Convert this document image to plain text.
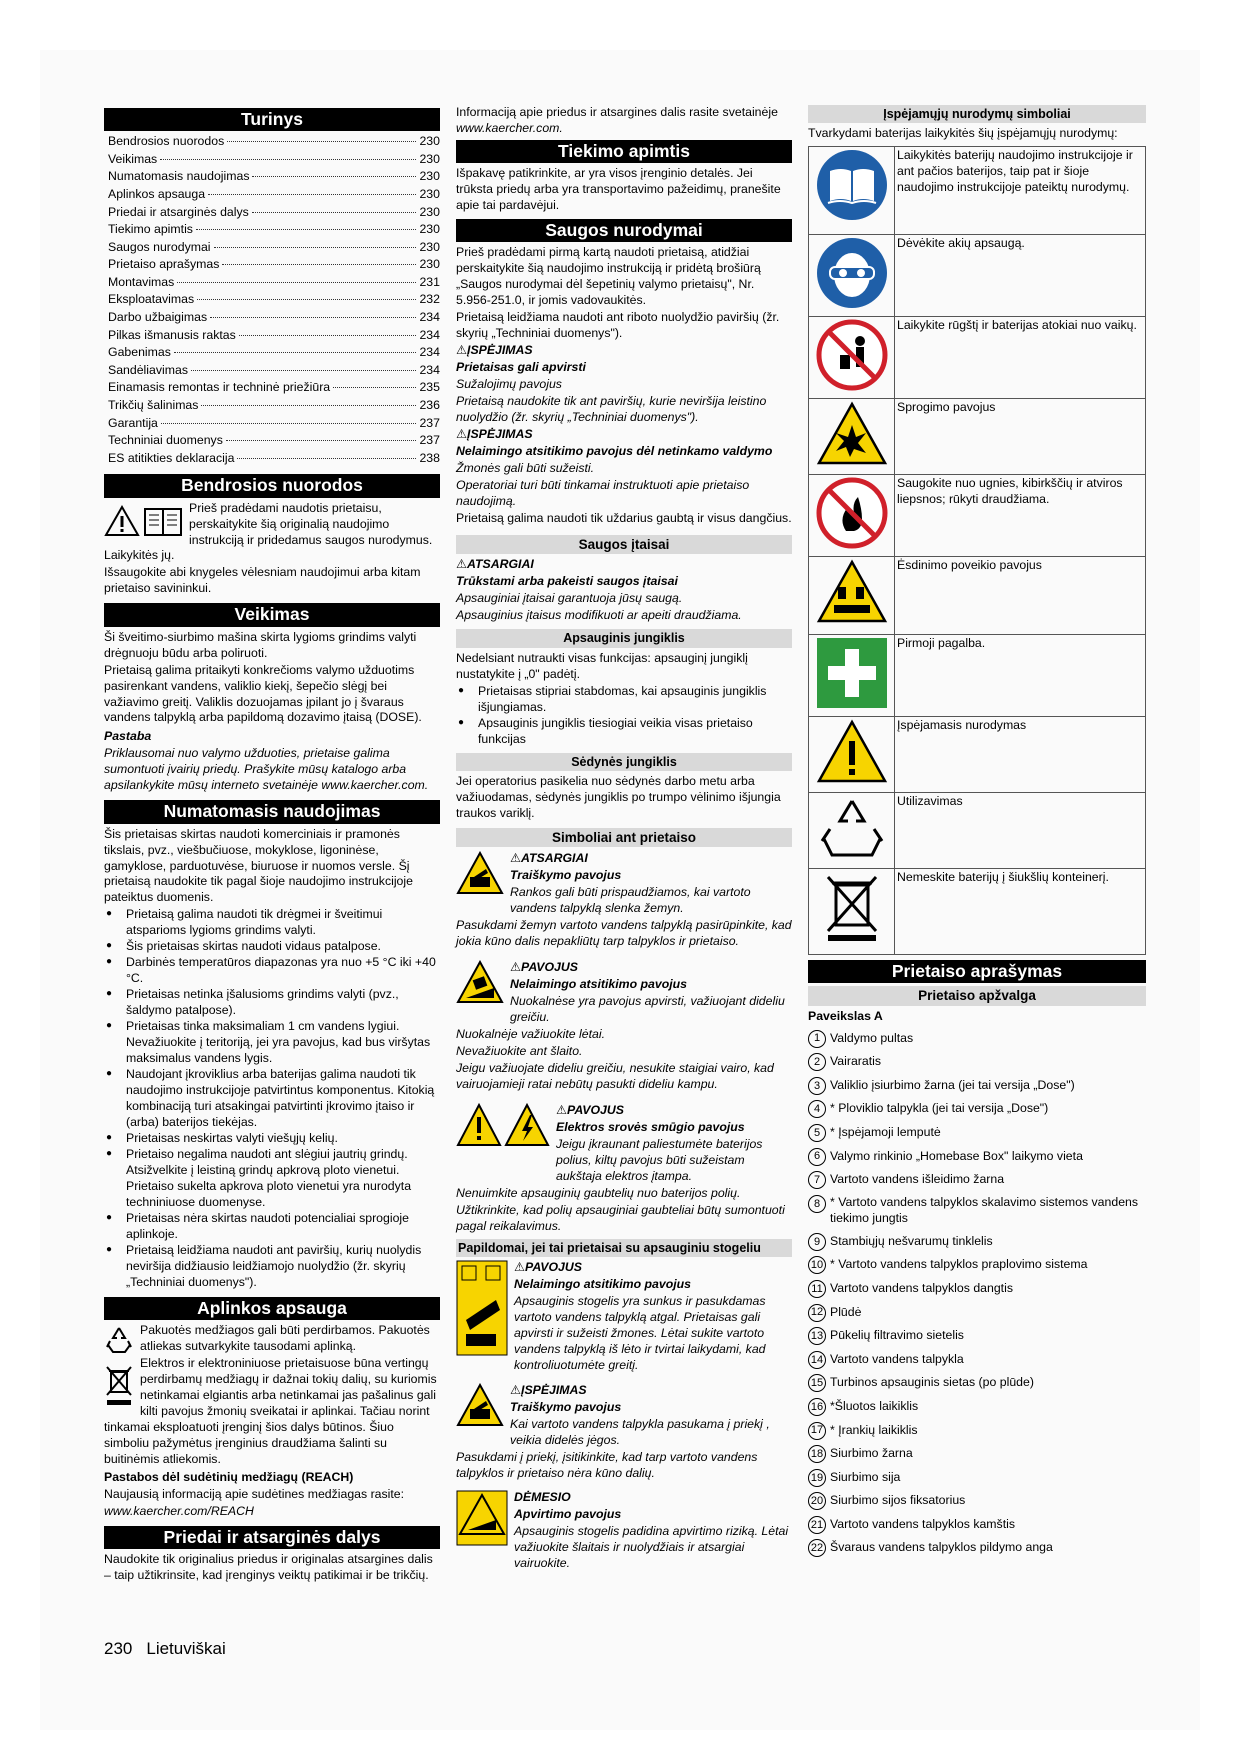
Turinys
Bendrosios nuorodos	230
Veikimas	230
Numatomasis naudojimas	230
Aplinkos apsauga	230
Priedai ir atsarginės dalys	230
Tiekimo apimtis	230
Saugos nurodymai	230
Prietaiso aprašymas	230
Montavimas	231
Eksploatavimas	232
Darbo užbaigimas	234
Pilkas išmanusis raktas	234
Gabenimas	234
Sandėliavimas	234
Einamasis remontas ir techninė priežiūra	235
Trikčių šalinimas	236
Garantija	237
Techniniai duomenys	237
ES atitikties deklaracija	238
Bendrosios nuorodos

Prieš pradėdami naudotis prietaisu, perskaitykite šią originalią naudojimo instrukciją ir pridedamus saugos nurodymus. Laikykitės jų.

Išsaugokite abi knygeles vėlesniam naudojimui arba kitam prietaiso savininkui.

Veikimas

Ši šveitimo-siurbimo mašina skirta lygioms grindims valyti drėgnuoju būdu arba poliruoti.

Prietaisą galima pritaikyti konkrečioms valymo užduotims pasirenkant vandens, valiklio kiekį, šepečio slėgį bei važiavimo greitį. Valiklis dozuojamas įpilant jo į švaraus vandens talpyklą arba papildomą dozavimo įtaisą (DOSE).

Pastaba

Priklausomai nuo valymo užduoties, prietaise galima sumontuoti įvairių priedų. Prašykite mūsų katalogo arba apsilankykite mūsų interneto svetainėje www.kaercher.com.

Numatomasis naudojimas

Šis prietaisas skirtas naudoti komerciniais ir pramonės tikslais, pvz., viešbučiuose, mokyklose, ligoninėse, gamyklose, parduotuvėse, biuruose ir nuomos versle. Šį prietaisą naudokite tik pagal šioje naudojimo instrukcijoje pateiktus duomenis.

● Prietaisą galima naudoti tik drėgmei ir šveitimui atsparioms lygioms grindims valyti.
● Šis prietaisas skirtas naudoti vidaus patalpose.
● Darbinės temperatūros diapazonas yra nuo +5 °C iki +40 °C.
● Prietaisas netinka įšalusioms grindims valyti (pvz., šaldymo patalpose).
● Prietaisas tinka maksimaliam 1 cm vandens lygiui. Nevažiuokite į teritoriją, jei yra pavojus, kad bus viršytas maksimalus vandens lygis.
● Naudojant įkroviklius arba baterijas galima naudoti tik naudojimo instrukcijoje patvirtintus komponentus. Kitokią kombinaciją turi atsakingai patvirtinti įkrovimo įtaiso ir (arba) baterijos tiekėjas.
● Prietaisas neskirtas valyti viešųjų kelių.
● Prietaiso negalima naudoti ant slėgiui jautrių grindų. Atsižvelkite į leistiną grindų apkrovą ploto vienetui. Prietaiso sukelta apkrova ploto vienetui yra nurodyta techniniuose duomenyse.
● Prietaisas nėra skirtas naudoti potencialiai sprogioje aplinkoje.
● Prietaisą leidžiama naudoti ant paviršių, kurių nuolydis neviršija didžiausio leidžiamojo nuolydžio (žr. skyrių „Techniniai duomenys").
Aplinkos apsauga

Pakuotės medžiagos gali būti perdirbamos. Pakuotės atliekas sutvarkykite tausodami aplinką.

Elektros ir elektroniniuose prietaisuose būna vertingų perdirbamų medžiagų ir dažnai tokių dalių, su kuriomis netinkamai elgiantis arba netinkamai jas pašalinus gali kilti pavojus žmonių sveikatai ir aplinkai. Tačiau norint tinkamai eksploatuoti įrenginį šios dalys būtinos. Šiuo simboliu pažymėtus įrenginius draudžiama šalinti su buitinėmis atliekomis.

Pastabos dėl sudėtinių medžiagų (REACH)

Naujausią informaciją apie sudėtines medžiagas rasite:

www.kaercher.com/REACH

Priedai ir atsarginės dalys

Naudokite tik originalius priedus ir originalas atsargines dalis – taip užtikrinsite, kad įrenginys veiktų patikimai ir be trikčių.

Informaciją apie priedus ir atsargines dalis rasite svetainėje www.kaercher.com.

Tiekimo apimtis

Išpakavę patikrinkite, ar yra visos įrenginio detalės. Jei trūksta priedų arba yra transportavimo pažeidimų, pranešite apie tai pardavėjui.

Saugos nurodymai

Prieš pradėdami pirmą kartą naudoti prietaisą, atidžiai perskaitykite šią naudojimo instrukciją ir pridėtą brošiūrą „Saugos nurodymai dėl šepetinių valymo prietaisų", Nr. 5.956-251.0, ir jomis vadovaukitės.

Prietaisą leidžiama naudoti ant riboto nuolydžio paviršių (žr. skyrių „Techniniai duomenys").

⚠ĮSPĖJIMAS

Prietaisas gali apvirsti

Sužalojimų pavojus

Prietaisą naudokite tik ant paviršių, kurie neviršija leistino nuolydžio (žr. skyrių „Techniniai duomenys").

⚠ĮSPĖJIMAS

Nelaimingo atsitikimo pavojus dėl netinkamo valdymo

Žmonės gali būti sužeisti.

Operatoriai turi būti tinkamai instruktuoti apie prietaiso naudojimą.

Prietaisą galima naudoti tik uždarius gaubtą ir visus dangčius.

Saugos įtaisai

⚠ATSARGIAI

Trūkstami arba pakeisti saugos įtaisai

Apsauginiai įtaisai garantuoja jūsų saugą.

Apsauginius įtaisus modifikuoti ar apeiti draudžiama.

Apsauginis jungiklis

Nedelsiant nutraukti visas funkcijas: apsauginį jungiklį nustatykite į „0" padėtį.

● Prietaisas stipriai stabdomas, kai apsauginis jungiklis išjungiamas.
● Apsauginis jungiklis tiesiogiai veikia visas prietaiso funkcijas
Sėdynės jungiklis

Jei operatorius pasikelia nuo sėdynės darbo metu arba važiuodamas, sėdynės jungiklis po trumpo vėlinimo išjungia traukos variklį.

Simboliai ant prietaiso

⚠ATSARGIAI

Traiškymo pavojus

Rankos gali būti prispaudžiamos, kai vartoto vandens talpyklą slenka žemyn.

Pasukdami žemyn vartoto vandens talpyklą pasirūpinkite, kad jokia kūno dalis nepakliūtų tarp talpyklos ir prietaiso.

⚠PAVOJUS

Nelaimingo atsitikimo pavojus

Nuokalnėse yra pavojus apvirsti, važiuojant dideliu greičiu.

Nuokalnėje važiuokite lėtai.

Nevažiuokite ant šlaito.

Jeigu važiuojate dideliu greičiu, nesukite staigiai vairo, kad vairuojamieji ratai nebūtų pasukti dideliu kampu.

⚠PAVOJUS

Elektros srovės smūgio pavojus

Jeigu įkraunant paliestumėte baterijos polius, kiltų pavojus būti sužeistam aukštaja elektros įtampa.

Nenuimkite apsauginių gaubtelių nuo baterijos polių.

Užtikrinkite, kad polių apsauginiai gaubteliai būtų sumontuoti pagal reikalavimus.

Papildomai, jei tai prietaisai su apsauginiu stogeliu

⚠PAVOJUS

Nelaimingo atsitikimo pavojus

Apsauginis stogelis yra sunkus ir pasukdamas vartoto vandens talpyklą atgal. Prietaisas gali apvirsti ir sužeisti žmones. Lėtai sukite vartoto vandens talpyklą iš lėto ir tvirtai laikydami, kad kontroliuotumėte greitį.

⚠ĮSPĖJIMAS

Traiškymo pavojus

Kai vartoto vandens talpykla pasukama į priekį , veikia didelės jėgos.

Pasukdami į priekį, įsitikinkite, kad tarp vartoto vandens talpyklos ir prietaiso nėra kūno dalių.

DĖMESIO

Apvirtimo pavojus

Apsauginis stogelis padidina apvirtimo riziką. Lėtai važiuokite šlaitais ir nuolydžiais ir atsargiai vairuokite.

Įspėjamųjų nurodymų simboliai

Tvarkydami baterijas laikykitės šių įspėjamųjų nurodymų:

	Laikykitės baterijų naudojimo instrukcijoje ir ant pačios baterijos, taip pat ir šioje naudojimo instrukcijoje pateiktų nurodymų.
	Dėvėkite akių apsaugą.
	Laikykite rūgštį ir baterijas atokiai nuo vaikų.
	Sprogimo pavojus
	Saugokite nuo ugnies, kibirkščių ir atviros liepsnos; rūkyti draudžiama.
	Ėsdinimo poveikio pavojus
	Pirmoji pagalba.
	Įspėjamasis nurodymas
	Utilizavimas
	Nemeskite baterijų į šiukšlių konteinerį.
Prietaiso aprašymas
Prietaiso apžvalga

Paveikslas A

1 Valdymo pultas
2 Vairaratis
3 Valiklio įsiurbimo žarna (jei tai versija „Dose")
4 * Ploviklio talpykla (jei tai versija „Dose")
5 * Įspėjamoji lemputė
6 Valymo rinkinio „Homebase Box" laikymo vieta
7 Vartoto vandens išleidimo žarna
8 * Vartoto vandens talpyklos skalavimo sistemos vandens tiekimo jungtis
9 Stambiųjų nešvarumų tinklelis
10 * Vartoto vandens talpyklos praplovimo sistema
11 Vartoto vandens talpyklos dangtis
12 Plūdė
13 Pūkelių filtravimo sietelis
14 Vartoto vandens talpykla
15 Turbinos apsauginis sietas (po plūde)
16 *Šluotos laikiklis
17 * Įrankių laikiklis
18 Siurbimo žarna
19 Siurbimo sija
20 Siurbimo sijos fiksatorius
21 Vartoto vandens talpyklos kamštis
22 Švaraus vandens talpyklos pildymo anga
230 Lietuviškai
